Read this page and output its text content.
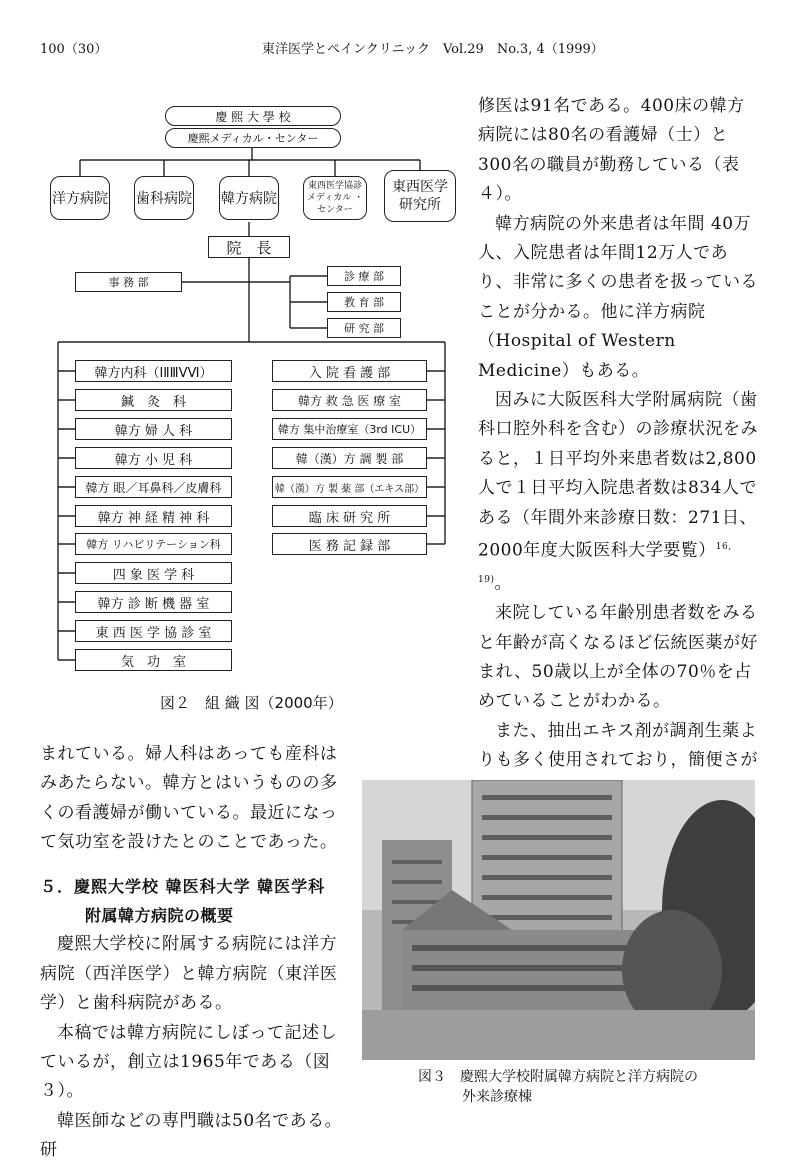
100（30）	東洋医学とペインクリニック　Vol.29　No.3, 4（1999）
慶 熙 大 學 校
慶熙メディカル・センター
洋方病院 歯科病院 韓方病院
東西医学協診 メディカル ・センター
東西医学 研究所
院　長
事 務 部	診 療 部
教 育 部
研 究 部
韓方内科（ⅠⅡⅢⅤⅥ）
鍼　灸　科
韓方 婦 人 科
韓方 小 児 科
韓方 眼／耳鼻科／皮膚科
韓方 神 経 精 神 科
韓方 リハビリテーション科
四 象 医 学 科
韓方 診 断 機 器 室
東 西 医 学 協 診 室
気　功　室
入 院 看 護 部
韓方 救 急 医 療 室
韓方 集中治療室（3rd ICU）
韓（漢）方 調 製 部
韓（漢）方 製 薬 部（エキス部）
臨 床 研 究 所
医 務 記 録 部
図２　組 織 図（2000年）

まれている。婦人科はあっても産科はみあたらない。韓方とはいうものの多くの看護婦が働いている。最近になって気功室を設けたとのことであった。

５．慶熙大学校 韓医科大学 韓医学科

附属韓方病院の概要

慶熙大学校に附属する病院には洋方病院（西洋医学）と韓方病院（東洋医学）と歯科病院がある。

本稿では韓方病院にしぼって記述しているが，創立は1965年である（図３）。

韓医師などの専門職は50名である。研

修医は91名である。400床の韓方病院には80名の看護婦（士）と300名の職員が勤務している（表４）。

韓方病院の外来患者は年間 40万人、入院患者は年間12万人であり、非常に多くの患者を扱っていることが分かる。他に洋方病院（Hospital of Western Medicine）もある。

因みに大阪医科大学附属病院（歯科口腔外科を含む）の診療状況をみると，１日平均外来患者数は2,800人で１日平均入院患者数は834人である（年間外来診療日数：271日、2000年度大阪医科大学要覧）$^{16, 19)}$。

来院している年齢別患者数をみると年齢が高くなるほど伝統医薬が好まれ、50歳以上が全体の70％を占めていることがわかる。

また、抽出エキス剤が調剤生薬よりも多く使用されており，簡便さが

図３　慶熙大学校附属韓方病院と洋方病院の
外来診療棟
